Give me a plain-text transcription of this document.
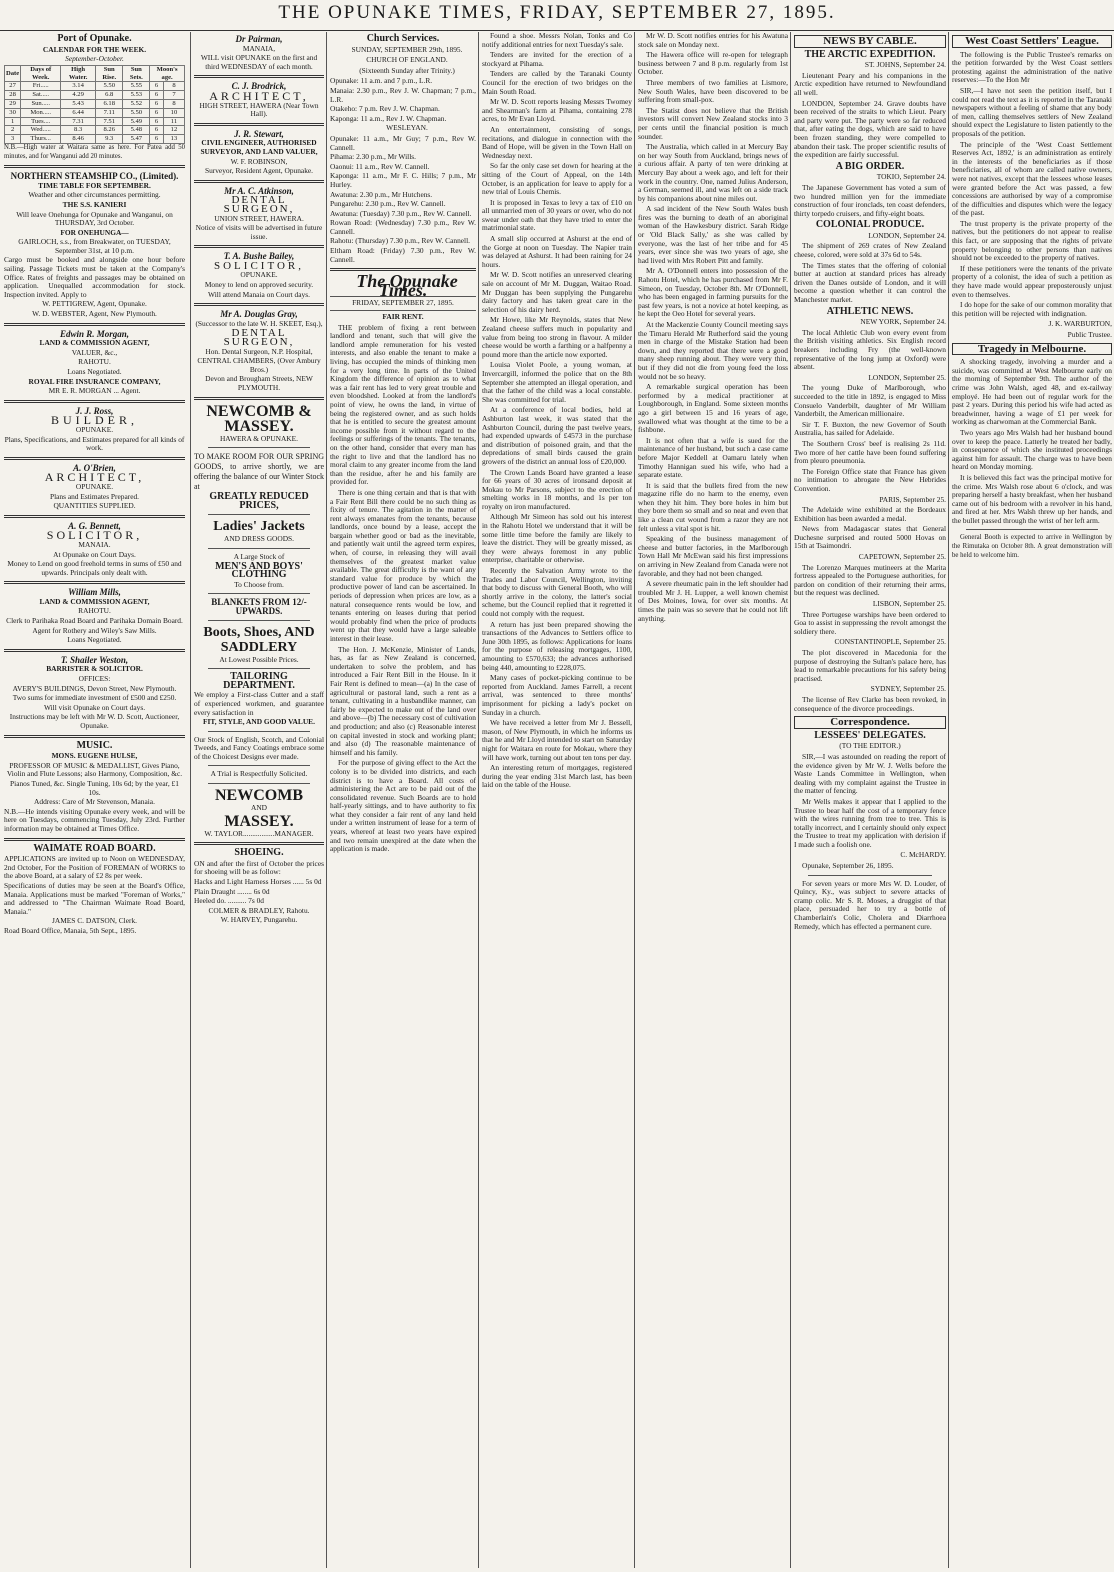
THE OPUNAKE TIMES, FRIDAY, SEPTEMBER 27, 1895.
Port of Opunake.

CALENDAR FOR THE WEEK.

September-October.

Date	Days of Week.	High Water.	Sun Rise.	Sun Sets.	Moon's age.	
27	Fri.....	3.14	5.50	5.55	6	8
28	Sat.....	4.29	6.8	5.53	6	7
29	Sun.....	5.43	6.18	5.52	6	8
30	Mon.....	6.44	7.11	5.50	6	10
1	Tues....	7.31	7.51	5.49	6	11
2	Wed.....	8.3	8.26	5.48	6	12
3	Thurs...	8.46	9.3	5.47	6	13

N.B.—High water at Waitara same as here. For Patea add 50 minutes, and for Wanganui add 20 minutes.

NORTHERN STEAMSHIP CO., (Limited).

TIME TABLE FOR SEPTEMBER.

Weather and other circumstances permitting.

THE S.S. KANIERI

Will leave Onehunga for Opunake and Wanganui, on THURSDAY, 3rd October.

FOR ONEHUNGA—

GAIRLOCH, s.s., from Breakwater, on TUESDAY, September 31st, at 10 p.m.

Cargo must be booked and alongside one hour before sailing. Passage Tickets must be taken at the Company's Office. Rates of freights and passages may be obtained on application. Unequalled accommodation for stock. Inspection invited. Apply to

W. PETTIGREW, Agent, Opunake.

W. D. WEBSTER, Agent, New Plymouth.

Edwin R. Morgan,

LAND & COMMISSION AGENT,

VALUER, &c.,

RAHOTU.

Loans Negotiated.

ROYAL FIRE INSURANCE COMPANY,

MR E. R. MORGAN ... Agent.

J. J. Ross,

BUILDER,

OPUNAKE.

Plans, Specifications, and Estimates prepared for all kinds of work.

A. O'Brien,

ARCHITECT,

OPUNAKE.

Plans and Estimates Prepared.

QUANTITIES SUPPLIED.

A. G. Bennett,

SOLICITOR,

MANAIA.

At Opunake on Court Days.

Money to Lend on good freehold terms in sums of £50 and upwards. Principals only dealt with.

William Mills,

LAND & COMMISSION AGENT,

RAHOTU.

Clerk to Parihaka Road Board and Parihaka Domain Board.

Agent for Rothery and Wiley's Saw Mills.

Loans Negotiated.

T. Shailer Weston,

BARRISTER & SOLICITOR.

OFFICES:

AVERY'S BUILDINGS, Devon Street, New Plymouth.

Two sums for immediate investment of £500 and £250.

Will visit Opunake on Court days.

Instructions may be left with Mr W. D. Scott, Auctioneer, Opunake.

MUSIC.

MONS. EUGENE HULSE,

PROFESSOR OF MUSIC & MEDALLIST, Gives Piano, Violin and Flute Lessons; also Harmony, Composition, &c.

Pianos Tuned, &c. Single Tuning, 10s 6d; by the year, £1 10s.

Address: Care of Mr Stevenson, Manaia.

N.B.—He intends visiting Opunake every week, and will be here on Tuesdays, commencing Tuesday, July 23rd. Further information may be obtained at Times Office.

WAIMATE ROAD BOARD.

APPLICATIONS are invited up to Noon on WEDNESDAY, 2nd October, For the Position of FOREMAN of WORKS to the above Board, at a salary of £2 8s per week.

Specifications of duties may be seen at the Board's Office, Manaia. Applications must be marked "Foreman of Works," and addressed to "The Chairman Waimate Road Board, Manaia."

JAMES C. DATSON, Clerk.

Road Board Office, Manaia, 5th Sept., 1895.

Dr Pairman,

MANAIA,

WILL visit OPUNAKE on the first and third WEDNESDAY of each month.

C. J. Brodrick,

ARCHITECT,

HIGH STREET, HAWERA (Near Town Hall).

J. R. Stewart,

CIVIL ENGINEER, AUTHORISED SURVEYOR, AND LAND VALUER,

W. F. ROBINSON,

Surveyor, Resident Agent, Opunake.

Mr A. C. Atkinson,

DENTAL SURGEON,

UNION STREET, HAWERA.

Notice of visits will be advertised in future issue.

T. A. Bushe Bailey,

SOLICITOR,

OPUNAKE.

Money to lend on approved security.

Will attend Manaia on Court days.

Mr A. Douglas Gray,

(Successor to the late W. H. SKEET, Esq.),

DENTAL SURGEON,

Hon. Dental Surgeon, N.P. Hospital,

CENTRAL CHAMBERS, (Over Ambury Bros.)

Devon and Brougham Streets, NEW PLYMOUTH.

NEWCOMB & MASSEY.

HAWERA & OPUNAKE.

TO MAKE ROOM FOR OUR SPRING GOODS, to arrive shortly, we are offering the balance of our Winter Stock at

GREATLY REDUCED PRICES,

Ladies' Jackets

AND DRESS GOODS.

A Large Stock of

MEN'S AND BOYS' CLOTHING

To Choose from.

BLANKETS FROM 12/- UPWARDS.

Boots, Shoes, AND SADDLERY

At Lowest Possible Prices.

TAILORING DEPARTMENT.

We employ a First-class Cutter and a staff of experienced workmen, and guarantee every satisfaction in

FIT, STYLE, AND GOOD VALUE.

Our Stock of English, Scotch, and Colonial Tweeds, and Fancy Coatings embrace some of the Choicest Designs ever made.

A Trial is Respectfully Solicited.

NEWCOMB

AND

MASSEY.

W. TAYLOR.................MANAGER.

SHOEING.

ON and after the first of October the prices for shoeing will be as follow:

Hacks and Light Harness Horses ...... 5s 0d

Plain Draught ........ 6s 0d

Heeled do. .......... 7s 0d

COLMER & BRADLEY, Rahotu.

W. HARVEY, Pungarehu.

Church Services.

SUNDAY, SEPTEMBER 29th, 1895.

CHURCH OF ENGLAND.

(Sixteenth Sunday after Trinity.)

Opunake: 11 a.m. and 7 p.m., L.R.
Manaia: 2.30 p.m., Rev J. W. Chapman; 7 p.m., L.R.
Otakeho: 7 p.m. Rev J. W. Chapman.
Kaponga: 11 a.m., Rev J. W. Chapman.

WESLEYAN.

Opunake: 11 a.m., Mr Guy; 7 p.m., Rev W. Cannell.
Pihama: 2.30 p.m., Mr Wills.
Oaonui: 11 a.m., Rev W. Cannell.
Kaponga: 11 a.m., Mr F. C. Hills; 7 p.m., Mr Hurley.
Awatuna: 2.30 p.m., Mr Hutchens.
Pungarehu: 2.30 p.m., Rev W. Cannell.
Awatuna: (Tuesday) 7.30 p.m., Rev W. Cannell.
Rowan Road: (Wednesday) 7.30 p.m., Rev W. Cannell.
Rahotu: (Thursday) 7.30 p.m., Rev W. Cannell.
Eltham Road: (Friday) 7.30 p.m., Rev W. Cannell.

The Opunake Times.

FRIDAY, SEPTEMBER 27, 1895.

FAIR RENT.

THE problem of fixing a rent between landlord and tenant, such that will give the landlord ample remuneration for his vested interests, and also enable the tenant to make a living, has occupied the minds of thinking men for a very long time. In parts of the United Kingdom the difference of opinion as to what was a fair rent has led to very great trouble and even bloodshed. Looked at from the landlord's point of view, he owns the land, in virtue of being the registered owner, and as such holds that he is entitled to secure the greatest amount income possible from it without regard to the feelings or sufferings of the tenants. The tenants, on the other hand, consider that every man has the right to live and that the landlord has no moral claim to any greater income from the land than the residue, after he and his family are provided for.

There is one thing certain and that is that with a Fair Rent Bill there could be no such thing as fixity of tenure. The agitation in the matter of rent always emanates from the tenants, because landlords, once bound by a lease, accept the bargain whether good or bad as the inevitable, and patiently wait until the agreed term expires, when, of course, in releasing they will avail themselves of the greatest market value available. The great difficulty is the want of any standard value for produce by which the productive power of land can be ascertained. In periods of depression when prices are low, as a natural consequence rents would be low, and tenants entering on leases during that period would probably find when the price of products went up that they would have a large saleable interest in their lease.

The Hon. J. McKenzie, Minister of Lands, has, as far as New Zealand is concerned, undertaken to solve the problem, and has introduced a Fair Rent Bill in the House. In it Fair Rent is defined to mean—(a) In the case of agricultural or pastoral land, such a rent as a tenant, cultivating in a husbandlike manner, can fairly be expected to make out of the land over and above—(b) The necessary cost of cultivation and production; and also (c) Reasonable interest on capital invested in stock and working plant; and also (d) The reasonable maintenance of himself and his family.

For the purpose of giving effect to the Act the colony is to be divided into districts, and each district is to have a Board. All costs of administering the Act are to be paid out of the consolidated revenue. Such Boards are to hold half-yearly sittings, and to have authority to fix what they consider a fair rent of any land held under a written instrument of lease for a term of years, whereof at least two years have expired and two remain unexpired at the date when the application is made.

Found a shoe. Messrs Nolan, Tonks and Co notify additional entries for next Tuesday's sale.

Tenders are invited for the erection of a stockyard at Pihama.

Tenders are called by the Taranaki County Council for the erection of two bridges on the Main South Road.

Mr W. D. Scott reports leasing Messrs Twomey and Shearman's farm at Pihama, containing 278 acres, to Mr Evan Lloyd.

An entertainment, consisting of songs, recitations, and dialogue in connection with the Band of Hope, will be given in the Town Hall on Wednesday next.

So far the only case set down for hearing at the sitting of the Court of Appeal, on the 14th October, is an application for leave to apply for a new trial of Louis Chemis.

It is proposed in Texas to levy a tax of £10 on all unmarried men of 30 years or over, who do not swear under oath that they have tried to enter the matrimonial state.

A small slip occurred at Ashurst at the end of the Gorge at noon on Tuesday. The Napier train was delayed at Ashurst. It had been raining for 24 hours.

Mr W. D. Scott notifies an unreserved clearing sale on account of Mr M. Duggan, Waitao Road. Mr Duggan has been supplying the Pungarehu dairy factory and has taken great care in the selection of his dairy herd.

Mr Howe, like Mr Reynolds, states that New Zealand cheese suffers much in popularity and value from being too strong in flavour. A milder cheese would be worth a farthing or a halfpenny a pound more than the article now exported.

Louisa Violet Poole, a young woman, at Invercargill, informed the police that on the 8th September she attempted an illegal operation, and that the father of the child was a local constable. She was committed for trial.

At a conference of local bodies, held at Ashburton last week, it was stated that the Ashburton Council, during the past twelve years, had expended upwards of £4573 in the purchase and distribution of poisoned grain, and that the depredations of small birds caused the grain growers of the district an annual loss of £20,000.

The Crown Lands Board have granted a lease for 66 years of 30 acres of ironsand deposit at Mokau to Mr Parsons, subject to the erection of smelting works in 18 months, and 1s per ton royalty on iron manufactured.

Although Mr Simeon has sold out his interest in the Rahotu Hotel we understand that it will be some little time before the family are likely to leave the district. They will be greatly missed, as they were always foremost in any public enterprise, charitable or otherwise.

Recently the Salvation Army wrote to the Trades and Labor Council, Wellington, inviting that body to discuss with General Booth, who will shortly arrive in the colony, the latter's social scheme, but the Council replied that it regretted it could not comply with the request.

A return has just been prepared showing the transactions of the Advances to Settlers office to June 30th 1895, as follows: Applications for loans for the purpose of releasing mortgages, 1100, amounting to £570,633; the advances authorised being 440, amounting to £228,075.

Many cases of pocket-picking continue to be reported from Auckland. James Farrell, a recent arrival, was sentenced to three months' imprisonment for picking a lady's pocket on Sunday in a church.

We have received a letter from Mr J. Bessell, mason, of New Plymouth, in which he informs us that he and Mr Lloyd intended to start on Saturday night for Waitara en route for Mokau, where they will have work, turning out about ten tons per day.

An interesting return of mortgages, registered during the year ending 31st March last, has been laid on the table of the House.

Mr W. D. Scott notifies entries for his Awatuna stock sale on Monday next.

The Hawera office will re-open for telegraph business between 7 and 8 p.m. regularly from 1st October.

Three members of two families at Lismore, New South Wales, have been discovered to be suffering from small-pox.

The Statist does not believe that the British investors will convert New Zealand stocks into 3 per cents until the financial position is much sounder.

The Australia, which called in at Mercury Bay on her way South from Auckland, brings news of a curious affair. A party of ten were drinking at Mercury Bay about a week ago, and left for their work in the country. One, named Julius Anderson, a German, seemed ill, and was left on a side track by his companions about nine miles out.

A sad incident of the New South Wales bush fires was the burning to death of an aboriginal woman of the Hawkesbury district. Sarah Ridge or 'Old Black Sally,' as she was called by everyone, was the last of her tribe and for 45 years, ever since she was two years of age, she had lived with Mrs Robert Pitt and family.

Mr A. O'Donnell enters into possession of the Rahotu Hotel, which he has purchased from Mr F. Simeon, on Tuesday, October 8th. Mr O'Donnell, who has been engaged in farming pursuits for the past few years, is not a novice at hotel keeping, as he kept the Oeo Hotel for several years.

At the Mackenzie County Council meeting says the Timaru Herald Mr Rutherford said the young men in charge of the Mistake Station had been down, and they reported that there were a good many sheep running about. They were very thin, but if they did not die from young feed the loss would not be so heavy.

A remarkable surgical operation has been performed by a medical practitioner at Loughborough, in England. Some sixteen months ago a girl between 15 and 16 years of age, swallowed what was thought at the time to be a fishbone.

It is not often that a wife is sued for the maintenance of her husband, but such a case came before Major Keddell at Oamaru lately when Timothy Hannigan sued his wife, who had a separate estate.

It is said that the bullets fired from the new magazine rifle do no harm to the enemy, even when they hit him. They bore holes in him but they bore them so small and so neat and even that like a clean cut wound from a razor they are not felt unless a vital spot is hit.

Speaking of the business management of cheese and butter factories, in the Marlborough Town Hall Mr McEwan said his first impressions on arriving in New Zealand from Canada were not favorable, and they had not been changed.

A severe rheumatic pain in the left shoulder had troubled Mr J. H. Lupper, a well known chemist of Des Moines, Iowa, for over six months. At times the pain was so severe that he could not lift anything.

NEWS BY CABLE.
THE ARCTIC EXPEDITION.

ST. JOHNS, September 24.

Lieutenant Peary and his companions in the Arctic expedition have returned to Newfoundland all well.

LONDON, September 24. Grave doubts have been received of the straits to which Lieut. Peary and party were put. The party were so far reduced that, after eating the dogs, which are said to have been frozen standing, they were compelled to abandon their task. The proper scientific results of the expedition are fairly successful.

A BIG ORDER.

TOKIO, September 24.

The Japanese Government has voted a sum of two hundred million yen for the immediate construction of four ironclads, ten coast defenders, thirty torpedo cruisers, and fifty-eight boats.

COLONIAL PRODUCE.

LONDON, September 24.

The shipment of 269 crates of New Zealand cheese, colored, were sold at 37s 6d to 54s.

The Times states that the offering of colonial butter at auction at standard prices has already driven the Danes outside of London, and it will become a question whether it can control the Manchester market.

ATHLETIC NEWS.

NEW YORK, September 24.

The local Athletic Club won every event from the British visiting athletics. Six English record breakers including Fry (the well-known representative of the long jump at Oxford) were absent.

LONDON, September 25.

The young Duke of Marlborough, who succeeded to the title in 1892, is engaged to Miss Consuelo Vanderbilt, daughter of Mr William Vanderbilt, the American millionaire.

Sir T. F. Buxton, the new Governor of South Australia, has sailed for Adelaide.

The Southern Cross' beef is realising 2s 11d. Two more of her cattle have been found suffering from pleuro pneumonia.

The Foreign Office state that France has given no intimation to abrogate the New Hebrides Convention.

PARIS, September 25.

The Adelaide wine exhibited at the Bordeaux Exhibition has been awarded a medal.

News from Madagascar states that General Duchesne surprised and routed 5000 Hovas on 15th at Tsaimondri.

CAPETOWN, September 25.

The Lorenzo Marques mutineers at the Marita fortress appealed to the Portuguese authorities, for pardon on condition of their returning their arms, but the request was declined.

LISBON, September 25.

Three Portugese warships have been ordered to Goa to assist in suppressing the revolt amongst the soldiery there.

CONSTANTINOPLE, September 25.

The plot discovered in Macedonia for the purpose of destroying the Sultan's palace here, has lead to remarkable precautions for his safety being practised.

SYDNEY, September 25.

The license of Rev Clarke has been revoked, in consequence of the divorce proceedings.

Correspondence.
LESSEES' DELEGATES.

(TO THE EDITOR.)

SIR,—I was astounded on reading the report of the evidence given by Mr W. J. Wells before the Waste Lands Committee in Wellington, when dealing with my complaint against the Trustee in the matter of fencing.

Mr Wells makes it appear that I applied to the Trustee to bear half the cost of a temporary fence with the wires running from tree to tree. This is totally incorrect, and I certainly should only expect the Trustee to treat my application with derision if I made such a foolish one.

C. McHARDY.

Opunake, September 26, 1895.

For seven years or more Mrs W. D. Louder, of Quincy, Ky., was subject to severe attacks of cramp colic. Mr S. R. Moses, a druggist of that place, persuaded her to try a bottle of Chamberlain's Colic, Cholera and Diarrhoea Remedy, which has effected a permanent cure.

West Coast Settlers' League.

The following is the Public Trustee's remarks on the petition forwarded by the West Coast settlers protesting against the administration of the native reserves:—To the Hon Mr

SIR,—I have not seen the petition itself, but I could not read the text as it is reported in the Taranaki newspapers without a feeling of shame that any body of men, calling themselves settlers of New Zealand should expect the Legislature to listen patiently to the proposals of the petition.

The principle of the 'West Coast Settlement Reserves Act, 1892,' is an administration as entirely in the interests of the beneficiaries as if those beneficiaries, all of whom are called native owners, were not natives, except that the lessees whose leases were granted before the Act was passed, a few concessions are authorised by way of a compromise of the difficulties and disputes which were the legacy of the past.

The trust property is the private property of the natives, but the petitioners do not appear to realise this fact, or are supposing that the rights of private property belonging to other persons than natives should not be exceeded to the property of natives.

If these petitioners were the tenants of the private property of a colonist, the idea of such a petition as they have made would appear preposterously unjust even to themselves.

I do hope for the sake of our common morality that this petition will be rejected with indignation.

J. K. WARBURTON,

Public Trustee.

Tragedy in Melbourne.

A shocking tragedy, involving a murder and a suicide, was committed at West Melbourne early on the morning of September 9th. The author of the crime was John Walsh, aged 48, and ex-railway employé. He had been out of regular work for the past 2 years. During this period his wife had acted as breadwinner, having a wage of £1 per week for working as charwoman at the Commercial Bank.

Two years ago Mrs Walsh had her husband bound over to keep the peace. Latterly he treated her badly, in consequence of which she instituted proceedings against him for assault. The charge was to have been heard on Monday morning.

It is believed this fact was the principal motive for the crime. Mrs Walsh rose about 6 o'clock, and was preparing herself a hasty breakfast, when her husband came out of his bedroom with a revolver in his hand, and fired at her. Mrs Walsh threw up her hands, and the bullet passed through the wrist of her left arm.

General Booth is expected to arrive in Wellington by the Rimutaka on October 8th. A great demonstration will be held to welcome him.
